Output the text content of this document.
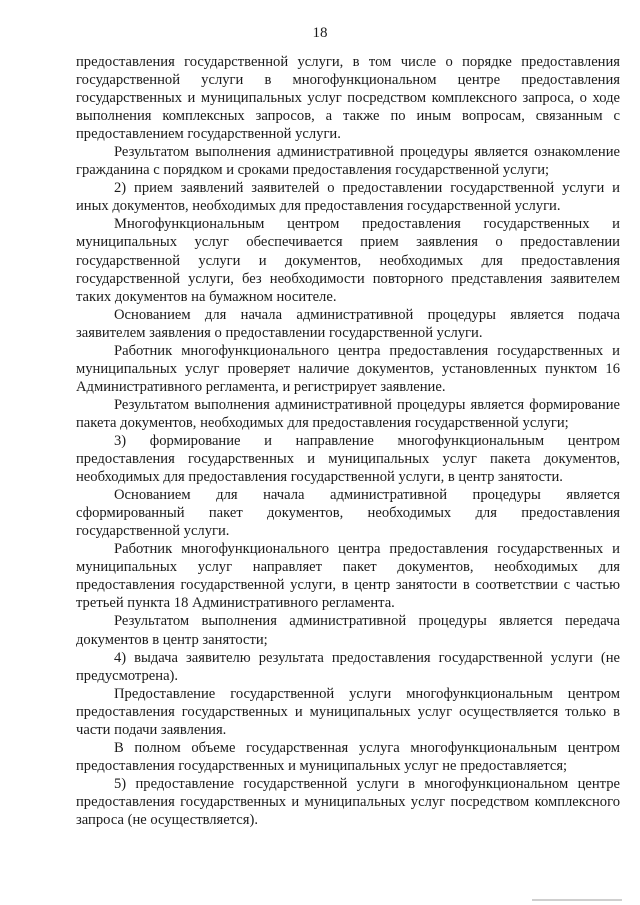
18

предоставления государственной услуги, в том числе о порядке предоставления государственной услуги в многофункциональном центре предоставления государственных и муниципальных услуг посредством комплексного запроса, о ходе выполнения комплексных запросов, а также по иным вопросам, связанным с предоставлением государственной услуги.

Результатом выполнения административной процедуры является ознакомление гражданина с порядком и сроками предоставления государственной услуги;

2) прием заявлений заявителей о предоставлении государственной услуги и иных документов, необходимых для предоставления государственной услуги.

Многофункциональным центром предоставления государственных и муниципальных услуг обеспечивается прием заявления о предоставлении государственной услуги и документов, необходимых для предоставления государственной услуги, без необходимости повторного представления заявителем таких документов на бумажном носителе.

Основанием для начала административной процедуры является подача заявителем заявления о предоставлении государственной услуги.

Работник многофункционального центра предоставления государственных и муниципальных услуг проверяет наличие документов, установленных пунктом 16 Административного регламента, и регистрирует заявление.

Результатом выполнения административной процедуры является формирование пакета документов, необходимых для предоставления государственной услуги;

3) формирование и направление многофункциональным центром предоставления государственных и муниципальных услуг пакета документов, необходимых для предоставления государственной услуги, в центр занятости.

Основанием для начала административной процедуры является сформированный пакет документов, необходимых для предоставления государственной услуги.

Работник многофункционального центра предоставления государственных и муниципальных услуг направляет пакет документов, необходимых для предоставления государственной услуги, в центр занятости в соответствии с частью третьей пункта 18 Административного регламента.

Результатом выполнения административной процедуры является передача документов в центр занятости;

4) выдача заявителю результата предоставления государственной услуги (не предусмотрена).

Предоставление государственной услуги многофункциональным центром предоставления государственных и муниципальных услуг осуществляется только в части подачи заявления.

В полном объеме государственная услуга многофункциональным центром предоставления государственных и муниципальных услуг не предоставляется;

5) предоставление государственной услуги в многофункциональном центре предоставления государственных и муниципальных услуг посредством комплексного запроса (не осуществляется).
